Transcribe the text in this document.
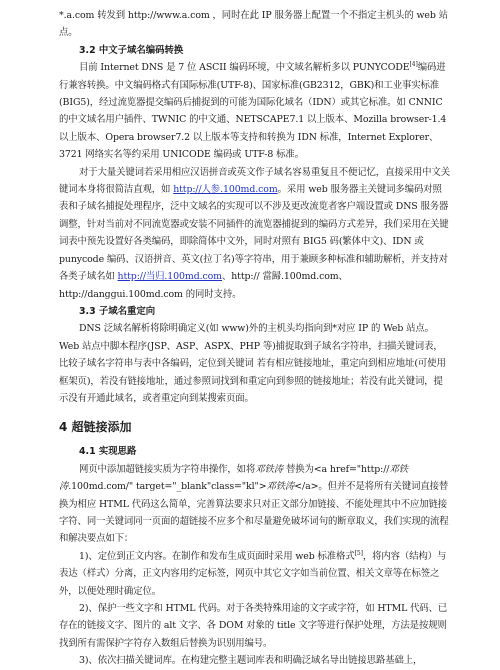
*.a.com 转发到 http://www.a.com ，同时在此 IP 服务器上配置一个不指定主机头的 web 站点。

3.2 中文子域名编码转换

目前 Internet DNS 是 7 位 ASCII 编码环境，中文域名解析多以 PUNYCODE[4]编码进行兼容转换。中文编码格式有国际标准(UTF-8)、国家标准(GB2312，GBK)和工业事实标准(BIG5)，经过流览器提交编码后捕捉到的可能为国际化域名（IDN）或其它标准。如 CNNIC 的中文域名用户插件、TWNIC 的中文通、NETSCAPE7.1 以上版本、Mozilla browser-1.4 以上版本、Opera browser7.2 以上版本等支持和转换为 IDN 标准，Internet Explorer、3721 网络实名等约采用 UNICODE 编码或 UTF-8 标准。

对于大量关键词若采用相应汉语拼音或英文作子域名容易重复且不便记忆，直接采用中文关键词本身将很简洁直观，如 http://人参.100md.com。采用 web 服务器主关键词多编码对照表和子域名捕捉处理程序，泛中文域名的实现可以不涉及更改流览者客户端设置或 DNS 服务器调整，针对当前对不同流览器或安装不同插件的流览器捕捉到的编码方式差异，我们采用在关键词表中预先设置好各类编码，即除简体中文外，同时对照有 BIG5 码(繁体中文)、IDN 或 punycode 编码、汉语拼音、英文(拉丁名)等字符串，用于兼顾多种标准和辅助解析，并支持对各类子域名如 http://当归.100md.com、http:// 當歸.100md.com、http://danggui.100md.com 的同时支持。

3.3 子域名重定向

DNS 泛域名解析将除明确定义(如 www)外的主机头均指向到*对应 IP 的 Web 站点。Web 站点中脚本程序(JSP、ASP、ASPX、PHP 等)捕捉取到子域名字符串，扫描关键词表，比较子域名字符串与表中各编码，定位到关键词 若有相应链接地址，重定向到相应地址(可使用框架页)，若没有链接地址，通过参照词找到和重定向到参照的链接地址；若没有此关键词，提示没有开通此域名，或者重定向到某搜索页面。

4 超链接添加
4.1 实现思路

网页中添加超链接实质为字符串操作，如将邓铁涛 替换为<a href="http://邓铁涛.100md.com/" target="_blank"class="kl">邓铁涛</a>。但并不是将所有关键词直接替换为相应 HTML 代码这么简单，完善算法要求只对正文部分加链接、不能处理其中不应加链接字符、同一关键词同一页面的超链接不应多个和尽量避免破坏词句的断章取义，我们实现的流程和解决要点如下：

1)、定位到正文内容。在制作和发布生成页面时采用 web 标准格式[5]，将内容（结构）与表达（样式）分离，正文内容用约定标签，网页中其它文字如当前位置、相关文章等在标签之外，以便处理时确定位。

2)、保护一些文字和 HTML 代码。对于各类特殊用途的文字或字符，如 HTML 代码、已存在的链接文字、图片的 alt 文字、各 DOM 对象的 title 文字等进行保护处理，方法是按规则找到所有需保护字符存入数组后替换为识别用编号。

3)、依次扫描关键词库。在构建完整主题词库表和明确泛域名导出链接思路基础上，
